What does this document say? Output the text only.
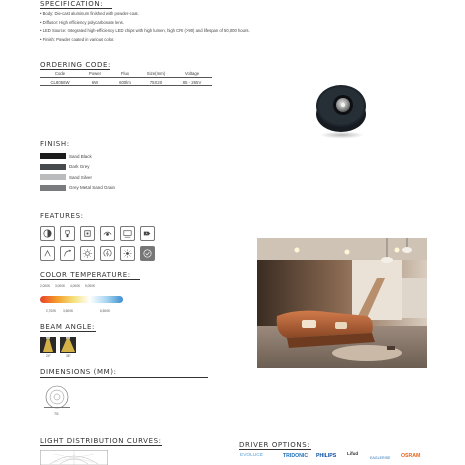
SPECIFICATION:
• Body: Die-cast aluminum finished with powder-coat.
• Diffusor: High efficiency polycarbonate lens.
• LED Source: Integrated high-efficiency LED chips with high lumen, high CRI (>90) and lifespan of 50,000 hours.
• Finish: Powder coated in various color.
ORDERING CODE:
Code	Power	Flux	Size(mm)	Voltage
CL8056W	6W	600lm	75X20	85 - 265V
FINISH:
Sand Black
Dark Grey
Sand Silver
Grey Metal Sand Grain
FEATURES:
A
COLOR TEMPERATURE:
2,000K 3,000K 4,000K 5,000K
2,700K 3,500K	6,500K
BEAM ANGLE:
24°	36°
DIMENSIONS (MM):
75
LIGHT DISTRIBUTION CURVES:	DRIVER OPTIONS:
EVOLUCE	TRIDONIC PHILIPS Lifud
EAGLERISE OSRAM
